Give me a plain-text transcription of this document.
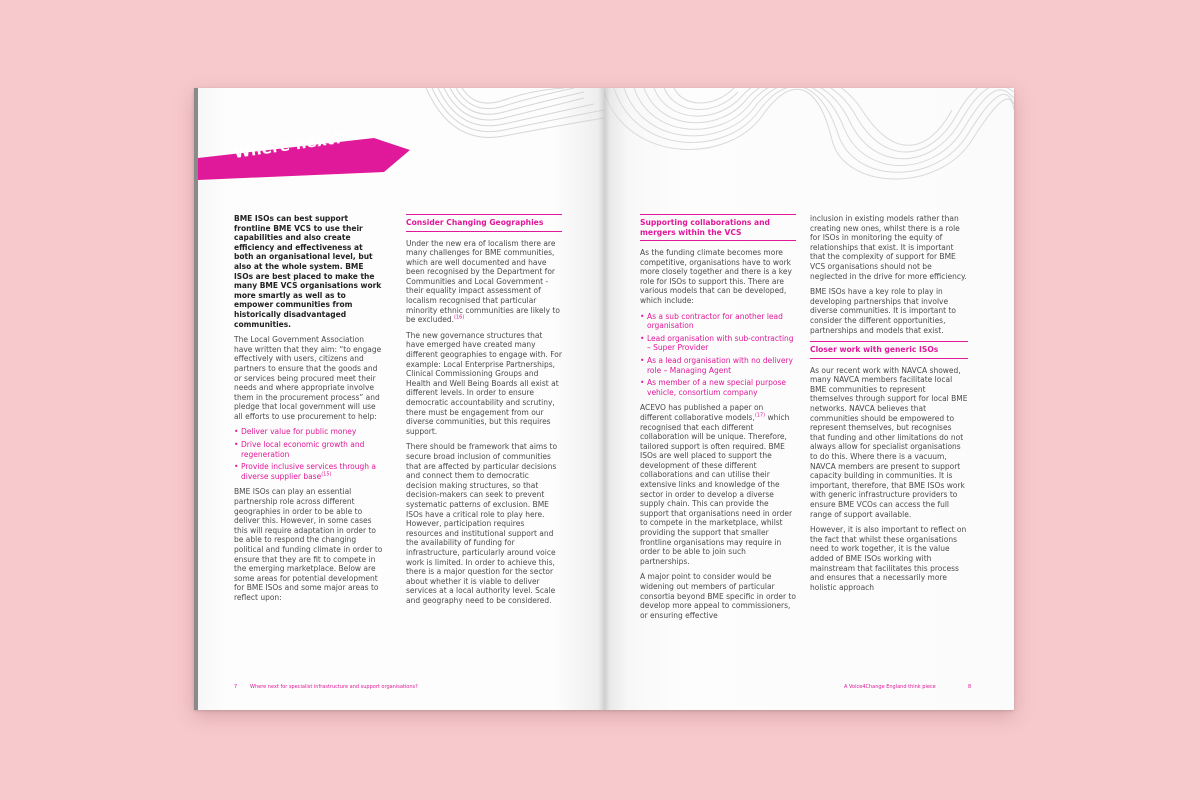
Where next?

BME ISOs can best support frontline BME VCS to use their capabilities and also create efficiency and effectiveness at both an organisational level, but also at the whole system. BME ISOs are best placed to make the many BME VCS organisations work more smartly as well as to empower communities from historically disadvantaged communities.

The Local Government Association have written that they aim: “to engage effectively with users, citizens and partners to ensure that the goods and or services being procured meet their needs and where appropriate involve them in the procurement process” and pledge that local government will use all efforts to use procurement to help:

• Deliver value for public money
• Drive local economic growth and regeneration
• Provide inclusive services through a diverse supplier base$^{(15)}$

BME ISOs can play an essential partnership role across different geographies in order to be able to deliver this. However, in some cases this will require adaptation in order to be able to respond the changing political and funding climate in order to ensure that they are fit to compete in the emerging marketplace. Below are some areas for potential development for BME ISOs and some major areas to reflect upon:

Consider Changing Geographies

Under the new era of localism there are many challenges for BME communities, which are well documented and have been recognised by the Department for Communities and Local Government - their equality impact assessment of localism recognised that particular minority ethnic communities are likely to be excluded.$^{(16)}$

The new governance structures that have emerged have created many different geographies to engage with. For example: Local Enterprise Partnerships, Clinical Commissioning Groups and Health and Well Being Boards all exist at different levels. In order to ensure democratic accountability and scrutiny, there must be engagement from our diverse communities, but this requires support.

There should be framework that aims to secure broad inclusion of communities that are affected by particular decisions and connect them to democratic decision making structures, so that decision-makers can seek to prevent systematic patterns of exclusion. BME ISOs have a critical role to play here. However, participation requires resources and institutional support and the availability of funding for infrastructure, particularly around voice work is limited. In order to achieve this, there is a major question for the sector about whether it is viable to deliver services at a local authority level. Scale and geography need to be considered.

7	Where next for specialist infrastructure and support organisations?
Supporting collaborations and mergers within the VCS

As the funding climate becomes more competitive, organisations have to work more closely together and there is a key role for ISOs to support this. There are various models that can be developed, which include:

• As a sub contractor for another lead organisation
• Lead organisation with sub-contracting – Super Provider
• As a lead organisation with no delivery role – Managing Agent
• As member of a new special purpose vehicle, consortium company

ACEVO has published a paper on different collaborative models,$^{(17)}$ which recognised that each different collaboration will be unique. Therefore, tailored support is often required. BME ISOs are well placed to support the development of these different collaborations and can utilise their extensive links and knowledge of the sector in order to develop a diverse supply chain. This can provide the support that organisations need in order to compete in the marketplace, whilst providing the support that smaller frontline organisations may require in order to be able to join such partnerships.

A major point to consider would be widening out members of particular consortia beyond BME specific in order to develop more appeal to commissioners, or ensuring effective

inclusion in existing models rather than creating new ones, whilst there is a role for ISOs in monitoring the equity of relationships that exist. It is important that the complexity of support for BME VCS organisations should not be neglected in the drive for more efficiency.

BME ISOs have a key role to play in developing partnerships that involve diverse communities. It is important to consider the different opportunities, partnerships and models that exist.

Closer work with generic ISOs

As our recent work with NAVCA showed, many NAVCA members facilitate local BME communities to represent themselves through support for local BME networks. NAVCA believes that communities should be empowered to represent themselves, but recognises that funding and other limitations do not always allow for specialist organisations to do this. Where there is a vacuum, NAVCA members are present to support capacity building in communities. It is important, therefore, that BME ISOs work with generic infrastructure providers to ensure BME VCOs can access the full range of support available.

However, it is also important to reflect on the fact that whilst these organisations need to work together, it is the value added of BME ISOs working with mainstream that facilitates this process and ensures that a necessarily more holistic approach

A Voice4Change England think piece	8
